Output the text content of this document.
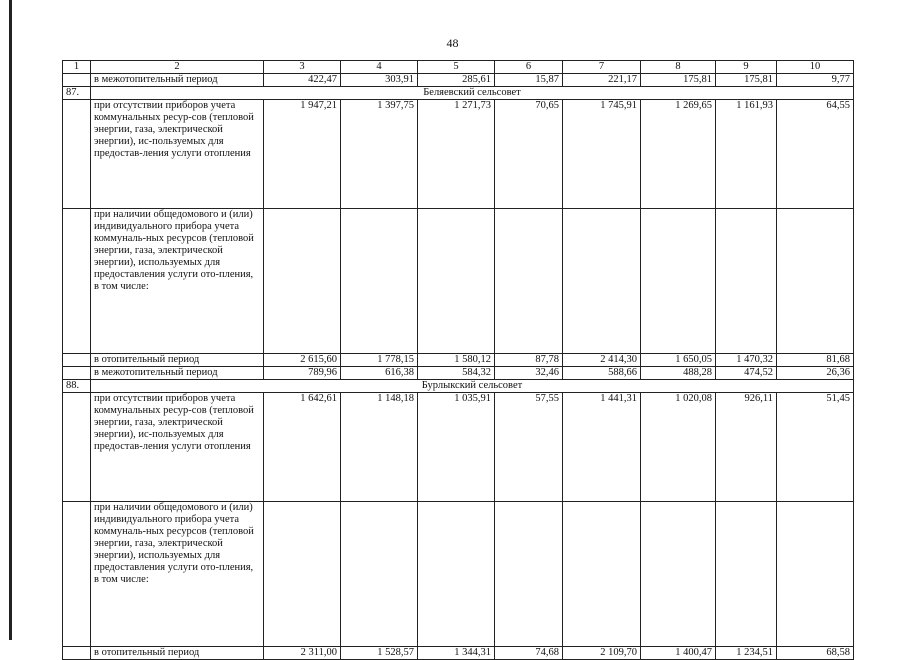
48
1	2	3	4	5	6	7	8	9	10
	в межотопительный период	422,47	303,91	285,61	15,87	221,17	175,81	175,81	9,77
87.	Беляевский сельсовет								
	при отсутствии приборов учета коммунальных ресур-сов (тепловой энергии, газа, электрической энергии), ис-пользуемых для предостав-ления услуги отопления	1 947,21	1 397,75	1 271,73	70,65	1 745,91	1 269,65	1 161,93	64,55
	при наличии общедомового и (или) индивидуального прибора учета коммуналь-ных ресурсов (тепловой энергии, газа, электрической энергии), используемых для предоставления услуги ото-пления, в том числе:								
	в отопительный период	2 615,60	1 778,15	1 580,12	87,78	2 414,30	1 650,05	1 470,32	81,68
	в межотопительный период	789,96	616,38	584,32	32,46	588,66	488,28	474,52	26,36
88.	Бурлыкский сельсовет								
	при отсутствии приборов учета коммунальных ресур-сов (тепловой энергии, газа, электрической энергии), ис-пользуемых для предостав-ления услуги отопления	1 642,61	1 148,18	1 035,91	57,55	1 441,31	1 020,08	926,11	51,45
	при наличии общедомового и (или) индивидуального прибора учета коммуналь-ных ресурсов (тепловой энергии, газа, электрической энергии), используемых для предоставления услуги ото-пления, в том числе:								
	в отопительный период	2 311,00	1 528,57	1 344,31	74,68	2 109,70	1 400,47	1 234,51	68,58
